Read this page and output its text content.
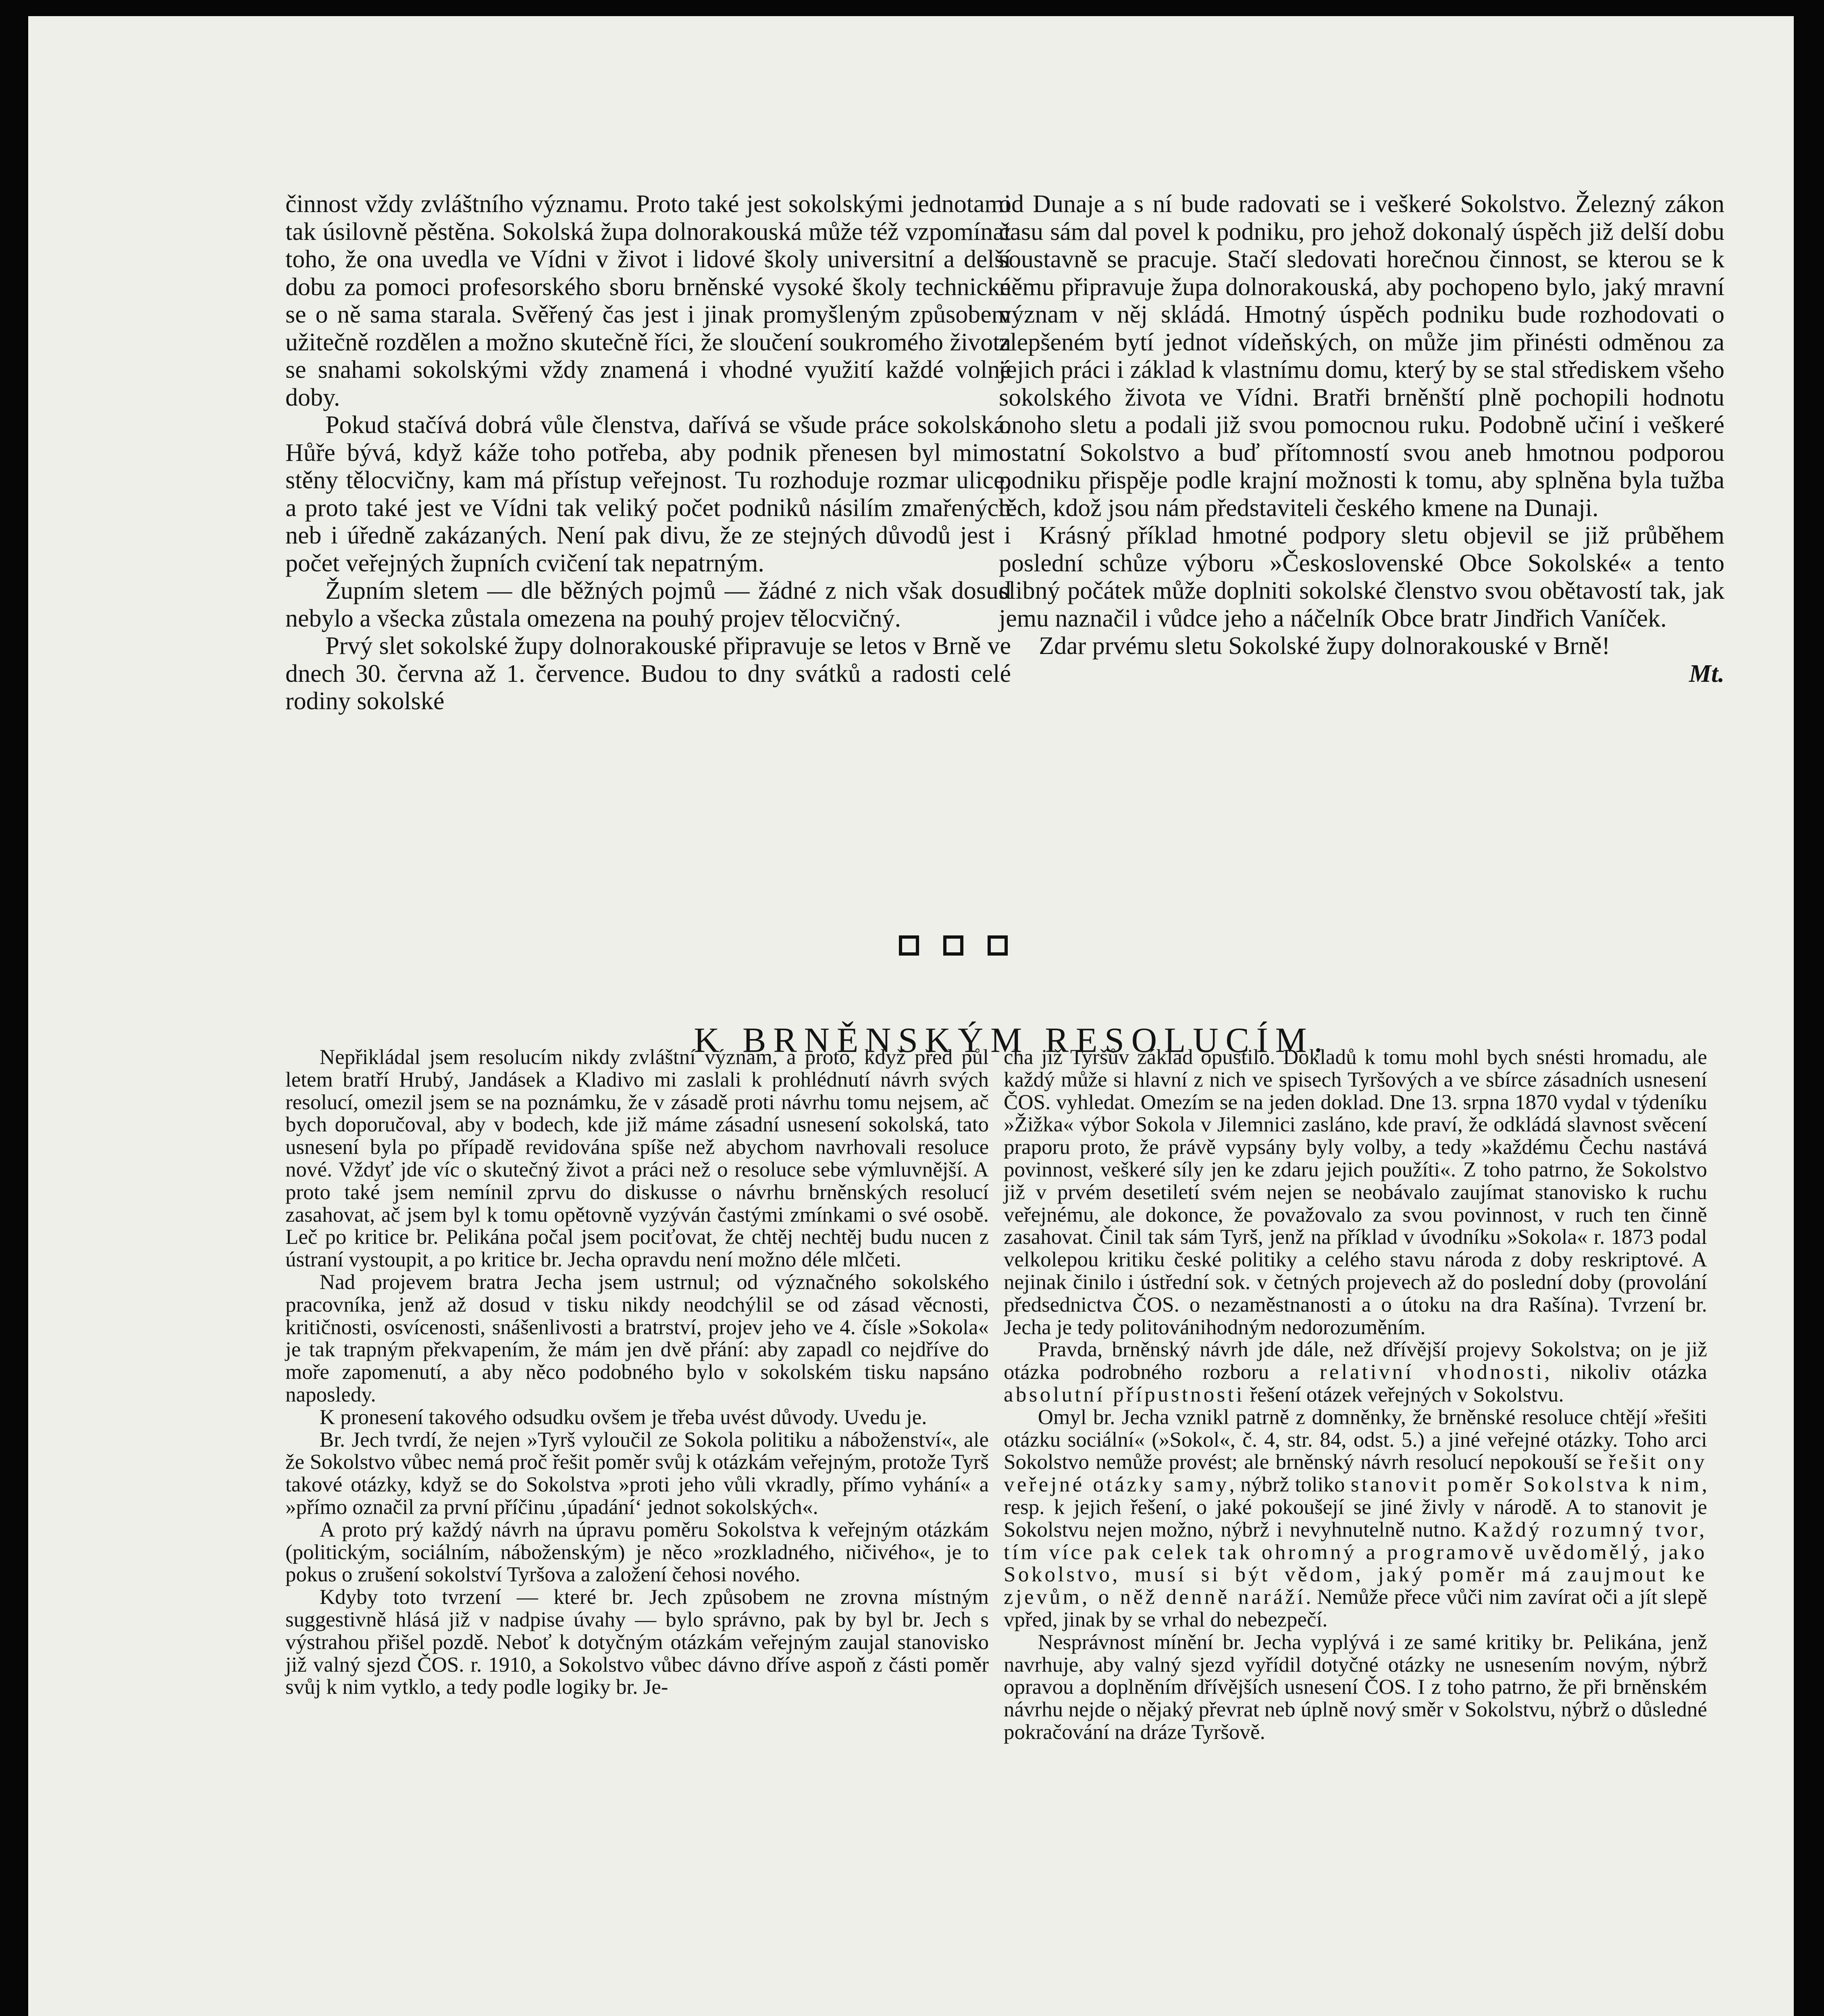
činnost vždy zvláštního významu. Proto také jest sokolskými jednotami tak úsilovně pěstěna. Sokolská župa dolnorakouská může též vzpomínat toho, že ona uvedla ve Vídni v život i lidové školy universitní a delší dobu za pomoci profesorského sboru brněnské vysoké školy technické se o ně sama starala. Svěřený čas jest i jinak promyšleným způsobem užitečně rozdělen a možno skutečně říci, že sloučení soukromého života se snahami sokolskými vždy znamená i vhodné využití každé volné doby.

Pokud stačívá dobrá vůle členstva, dařívá se všude práce sokolská. Hůře bývá, když káže toho potřeba, aby podnik přenesen byl mimo stěny tělocvičny, kam má přístup veřejnost. Tu rozhoduje rozmar ulice, a proto také jest ve Vídni tak veliký počet podniků násilím zmařených neb i úředně zakázaných. Není pak divu, že ze stejných důvodů jest i počet veřejných župních cvičení tak nepatrným.

Župním sletem — dle běžných pojmů — žádné z nich však dosud nebylo a všecka zůstala omezena na pouhý projev tělocvičný.

Prvý slet sokolské župy dolnorakouské připravuje se letos v Brně ve dnech 30. června až 1. července. Budou to dny svátků a radosti celé rodiny sokolské

od Dunaje a s ní bude radovati se i veškeré Sokolstvo. Železný zákon času sám dal povel k podniku, pro jehož dokonalý úspěch již delší dobu soustavně se pracuje. Stačí sledovati horečnou činnost, se kterou se k němu připravuje župa dolnorakouská, aby pochopeno bylo, jaký mravní význam v něj skládá. Hmotný úspěch podniku bude rozhodovati o zlepšeném bytí jednot vídeňských, on může jim přinésti odměnou za jejich práci i základ k vlastnímu domu, který by se stal střediskem všeho sokolského života ve Vídni. Bratři brněnští plně pochopili hodnotu onoho sletu a podali již svou pomocnou ruku. Podobně učiní i veškeré ostatní Sokolstvo a buď přítomností svou aneb hmotnou podporou podniku přispěje podle krajní možnosti k tomu, aby splněna byla tužba těch, kdož jsou nám představiteli českého kmene na Dunaji.

Krásný příklad hmotné podpory sletu objevil se již průběhem poslední schůze výboru »Československé Obce Sokolské« a tento slibný počátek může doplniti sokolské členstvo svou obětavostí tak, jak jemu naznačil i vůdce jeho a náčelník Obce bratr Jindřich Vaníček.

Zdar prvému sletu Sokolské župy dolnorakouské v Brně!

Mt.

K BRNĚNSKÝM RESOLUCÍM.

Nepřikládal jsem resolucím nikdy zvláštní význam, a proto, když před půl letem bratří Hrubý, Jandásek a Kladivo mi zaslali k prohlédnutí návrh svých resolucí, omezil jsem se na poznámku, že v zásadě proti návrhu tomu nejsem, ač bych doporučoval, aby v bodech, kde již máme zásadní usnesení sokolská, tato usnesení byla po případě revidována spíše než abychom navrhovali resoluce nové. Vždyť jde víc o skutečný život a práci než o resoluce sebe výmluvnější. A proto také jsem nemínil zprvu do diskusse o návrhu brněnských resolucí zasahovat, ač jsem byl k tomu opětovně vyzýván častými zmínkami o své osobě. Leč po kritice br. Pelikána počal jsem pociťovat, že chtěj nechtěj budu nucen z ústraní vystoupit, a po kritice br. Jecha opravdu není možno déle mlčeti.

Nad projevem bratra Jecha jsem ustrnul; od význačného sokolského pracovníka, jenž až dosud v tisku nikdy neodchýlil se od zásad věcnosti, kritičnosti, osvícenosti, snášenlivosti a bratrství, projev jeho ve 4. čísle »Sokola« je tak trapným překvapením, že mám jen dvě přání: aby zapadl co nejdříve do moře zapomenutí, a aby něco podobného bylo v sokolském tisku napsáno naposledy.

K pronesení takového odsudku ovšem je třeba uvést důvody. Uvedu je.

Br. Jech tvrdí, že nejen »Tyrš vyloučil ze Sokola politiku a náboženství«, ale že Sokolstvo vůbec nemá proč řešit poměr svůj k otázkám veřejným, protože Tyrš takové otázky, když se do Sokolstva »proti jeho vůli vkradly, přímo vyhání« a »přímo označil za první příčinu ‚úpadání‘ jednot sokolských«.

A proto prý každý návrh na úpravu poměru Sokolstva k veřejným otázkám (politickým, sociálním, náboženským) je něco »rozkladného, ničivého«, je to pokus o zrušení sokolství Tyršova a založení čehosi nového.

Kdyby toto tvrzení — které br. Jech způsobem ne zrovna místným suggestivně hlásá již v nadpise úvahy — bylo správno, pak by byl br. Jech s výstrahou přišel pozdě. Neboť k dotyčným otázkám veřejným zaujal stanovisko již valný sjezd ČOS. r. 1910, a Sokolstvo vůbec dávno dříve aspoň z části poměr svůj k nim vytklo, a tedy podle logiky br. Je-

cha již Tyršův základ opustilo. Dokladů k tomu mohl bych snésti hromadu, ale každý může si hlavní z nich ve spisech Tyršových a ve sbírce zásadních usnesení ČOS. vyhledat. Omezím se na jeden doklad. Dne 13. srpna 1870 vydal v týdeníku »Žižka« výbor Sokola v Jilemnici zasláno, kde praví, že odkládá slavnost svěcení praporu proto, že právě vypsány byly volby, a tedy »každému Čechu nastává povinnost, veškeré síly jen ke zdaru jejich použíti«. Z toho patrno, že Sokolstvo již v prvém desetiletí svém nejen se neobávalo zaujímat stanovisko k ruchu veřejnému, ale dokonce, že považovalo za svou povinnost, v ruch ten činně zasahovat. Činil tak sám Tyrš, jenž na příklad v úvodníku »Sokola« r. 1873 podal velkolepou kritiku české politiky a celého stavu národa z doby reskriptové. A nejinak činilo i ústřední sok. v četných projevech až do poslední doby (provolání předsednictva ČOS. o nezaměstnanosti a o útoku na dra Rašína). Tvrzení br. Jecha je tedy politovánihodným nedorozuměním.

Pravda, brněnský návrh jde dále, než dřívější projevy Sokolstva; on je již otázka podrobného rozboru a relativní vhodnosti, nikoliv otázka absolutní přípustnosti řešení otázek veřejných v Sokolstvu.

Omyl br. Jecha vznikl patrně z domněnky, že brněnské resoluce chtějí »řešiti otázku sociální« (»Sokol«, č. 4, str. 84, odst. 5.) a jiné veřejné otázky. Toho arci Sokolstvo nemůže provést; ale brněnský návrh resolucí nepokouší se řešit ony veřejné otázky samy, nýbrž toliko stanovit poměr Sokolstva k nim, resp. k jejich řešení, o jaké pokoušejí se jiné živly v národě. A to stanovit je Sokolstvu nejen možno, nýbrž i nevyhnutelně nutno. Každý rozumný tvor, tím více pak celek tak ohromný a programově uvědomělý, jako Sokolstvo, musí si být vědom, jaký poměr má zaujmout ke zjevům, o něž denně naráží. Nemůže přece vůči nim zavírat oči a jít slepě vpřed, jinak by se vrhal do nebezpečí.

Nesprávnost mínění br. Jecha vyplývá i ze samé kritiky br. Pelikána, jenž navrhuje, aby valný sjezd vyřídil dotyčné otázky ne usnesením novým, nýbrž opravou a doplněním dřívějších usnesení ČOS. I z toho patrno, že při brněnském návrhu nejde o nějaký převrat neb úplně nový směr v Sokolstvu, nýbrž o důsledné pokračování na dráze Tyršově.
